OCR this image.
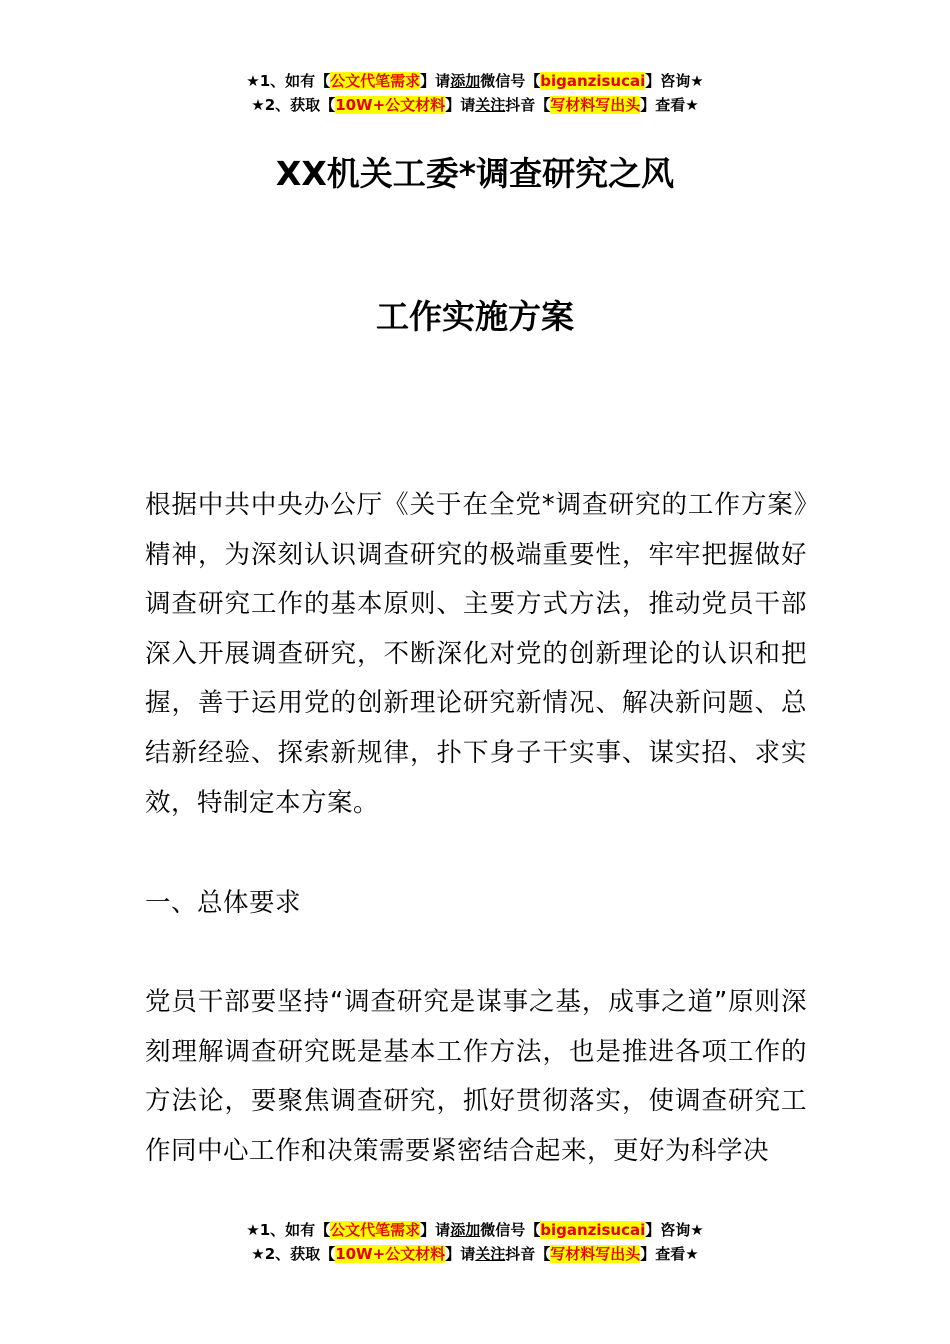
★1、如有【公文代笔需求】请添加微信号【biganzisucai】咨询★
★2、获取【10W+公文材料】请关注抖音【写材料写出头】查看★
XX机关工委*调查研究之风
工作实施方案

根据中共中央办公厅《关于在全党*调查研究的工作方案》精神，为深刻认识调查研究的极端重要性，牢牢把握做好调查研究工作的基本原则、主要方式方法，推动党员干部深入开展调查研究，不断深化对党的创新理论的认识和把握，善于运用党的创新理论研究新情况、解决新问题、总结新经验、探索新规律，扑下身子干实事、谋实招、求实效，特制定本方案。

一、总体要求

党员干部要坚持“调查研究是谋事之基，成事之道”原则深刻理解调查研究既是基本工作方法，也是推进各项工作的方法论，要聚焦调查研究，抓好贯彻落实，使调查研究工作同中心工作和决策需要紧密结合起来，更好为科学决

★1、如有【公文代笔需求】请添加微信号【biganzisucai】咨询★
★2、获取【10W+公文材料】请关注抖音【写材料写出头】查看★
